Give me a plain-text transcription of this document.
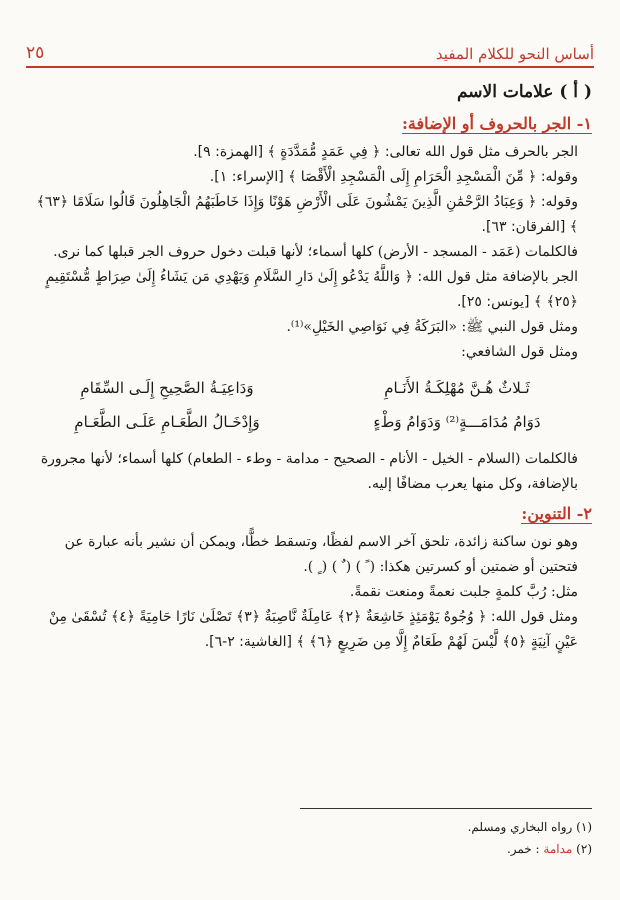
٢٥	أساس النحو للكلام المفيد
( أ ) علامات الاسم
١- الجر بالحروف أو الإضافة:

الجر بالحرف مثل قول الله تعالى: ﴿ فِي عَمَدٍ مُّمَدَّدَةٍ ﴾ [الهمزة: ٩].

وقوله: ﴿ مِّنَ الْمَسْجِدِ الْحَرَامِ إِلَى الْمَسْجِدِ الْأَقْصَا ﴾ [الإسراء: ١].

وقوله: ﴿ وَعِبَادُ الرَّحْمَٰنِ الَّذِينَ يَمْشُونَ عَلَى الْأَرْضِ هَوْنًا وَإِذَا خَاطَبَهُمُ الْجَاهِلُونَ قَالُوا سَلَامًا ﴿٦٣﴾ ﴾ [الفرقان: ٦٣].

فالكلمات (عَمَد - المسجد - الأرض) كلها أسماء؛ لأنها قبلت دخول حروف الجر قبلها كما نرى.

الجر بالإضافة مثل قول الله: ﴿ وَاللَّهُ يَدْعُو إِلَىٰ دَارِ السَّلَامِ وَيَهْدِي مَن يَشَاءُ إِلَىٰ صِرَاطٍ مُّسْتَقِيمٍ ﴿٢٥﴾ ﴾ [يونس: ٢٥].

ومثل قول النبي ﷺ: «البَرَكَةُ فِي نَوَاصِي الخَيْلِ»⁽¹⁾.

ومثل قول الشافعي:

ثَـلاثٌ هُـنَّ مُهْلِكَـةُ الأَنَـامِ
وَدَاعِيَـةُ الصَّحِيحِ إِلَـى السِّقَامِ
دَوَامُ مُدَامَـــةٍ⁽²⁾ وَدَوَامُ وَطْءٍ
وَإِدْخَـالُ الطَّعَـامِ عَلَـى الطَّعَـامِ

فالكلمات (السلام - الخيل - الأنام - الصحيح - مدامة - وطء - الطعام) كلها أسماء؛ لأنها مجرورة بالإضافة، وكل منها يعرب مضافًا إليه.

٢- التنوين:

وهو نون ساكنة زائدة، تلحق آخر الاسم لفظًا، وتسقط خطًّا، ويمكن أن نشير بأنه عبارة عن فتحتين أو ضمتين أو كسرتين هكذا: ( ً ) ( ٌ ) ( ٍ ).

مثل: رُبَّ كلمةٍ جلبت نعمةً ومنعت نقمةً.

ومثل قول الله: ﴿ وُجُوهٌ يَوْمَئِذٍ خَاشِعَةٌ ﴿٢﴾ عَامِلَةٌ نَّاصِبَةٌ ﴿٣﴾ تَصْلَىٰ نَارًا حَامِيَةً ﴿٤﴾ تُسْقَىٰ مِنْ عَيْنٍ آنِيَةٍ ﴿٥﴾ لَّيْسَ لَهُمْ طَعَامٌ إِلَّا مِن ضَرِيعٍ ﴿٦﴾ ﴾ [الغاشية: ٢-٦].

(١) رواه البخاري ومسلم.
(٢) مدامة : خمر.
